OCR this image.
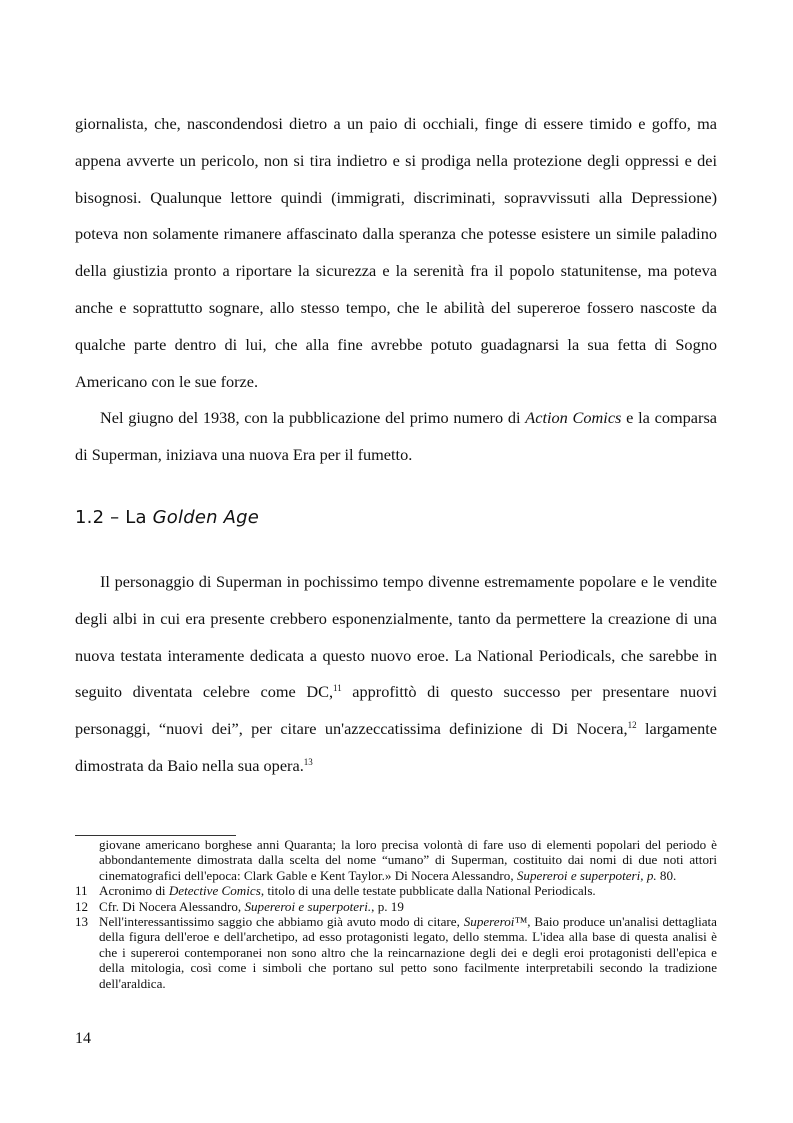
giornalista, che, nascondendosi dietro a un paio di occhiali, finge di essere timido e goffo, ma appena avverte un pericolo, non si tira indietro e si prodiga nella protezione degli oppressi e dei bisognosi. Qualunque lettore quindi (immigrati, discriminati, sopravvissuti alla Depressione) poteva non solamente rimanere affascinato dalla speranza che potesse esistere un simile paladino della giustizia pronto a riportare la sicurezza e la serenità fra il popolo statunitense, ma poteva anche e soprattutto sognare, allo stesso tempo, che le abilità del supereroe fossero nascoste da qualche parte dentro di lui, che alla fine avrebbe potuto guadagnarsi la sua fetta di Sogno Americano con le sue forze.

Nel giugno del 1938, con la pubblicazione del primo numero di Action Comics e la comparsa di Superman, iniziava una nuova Era per il fumetto.

1.2 – La Golden Age

Il personaggio di Superman in pochissimo tempo divenne estremamente popolare e le vendite degli albi in cui era presente crebbero esponenzialmente, tanto da permettere la creazione di una nuova testata interamente dedicata a questo nuovo eroe. La National Periodicals, che sarebbe in seguito diventata celebre come DC,$^{11}$ approfittò di questo successo per presentare nuovi personaggi, “nuovi dei”, per citare un'azzeccatissima definizione di Di Nocera,$^{12}$ largamente dimostrata da Baio nella sua opera.$^{13}$

giovane americano borghese anni Quaranta; la loro precisa volontà di fare uso di elementi popolari del periodo è abbondantemente dimostrata dalla scelta del nome “umano” di Superman, costituito dai nomi di due noti attori cinematografici dell'epoca: Clark Gable e Kent Taylor.» Di Nocera Alessandro, Supereroi e superpoteri, p. 80.
11 Acronimo di Detective Comics, titolo di una delle testate pubblicate dalla National Periodicals.
12 Cfr. Di Nocera Alessandro, Supereroi e superpoteri., p. 19
13 Nell'interessantissimo saggio che abbiamo già avuto modo di citare, Supereroi™, Baio produce un'analisi dettagliata della figura dell'eroe e dell'archetipo, ad esso protagonisti legato, dello stemma. L'idea alla base di questa analisi è che i supereroi contemporanei non sono altro che la reincarnazione degli dei e degli eroi protagonisti dell'epica e della mitologia, così come i simboli che portano sul petto sono facilmente interpretabili secondo la tradizione dell'araldica.
14
